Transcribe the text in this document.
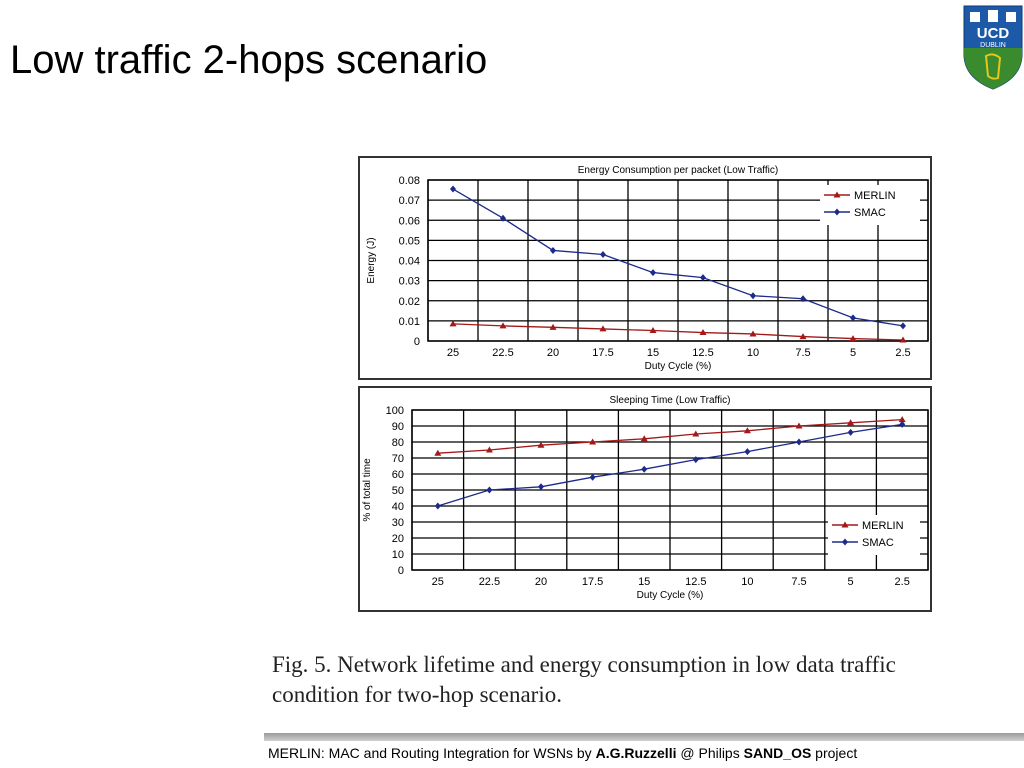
Low traffic 2-hops scenario
UCD
DUBLIN
0
0.01
0.02
0.03
0.04
0.05
0.06
0.07
0.08
25	22.5	20	17.5	15	12.5	10	7.5	5	2.5
Energy Consumption per packet (Low Traffic)
Duty Cycle (%)
Energy (J)
MERLIN
SMAC
0
10
20
30
40
50
60
70
80
90
100
25	22.5	20	17.5	15	12.5	10	7.5	5	2.5
Sleeping Time (Low Traffic)
Duty Cycle (%)
% of total time
MERLIN
SMAC
Fig. 5. Network lifetime and energy consumption in low data traffic
condition for two-hop scenario.
MERLIN: MAC and Routing Integration for WSNs by A.G.Ruzzelli @ Philips SAND_OS project
